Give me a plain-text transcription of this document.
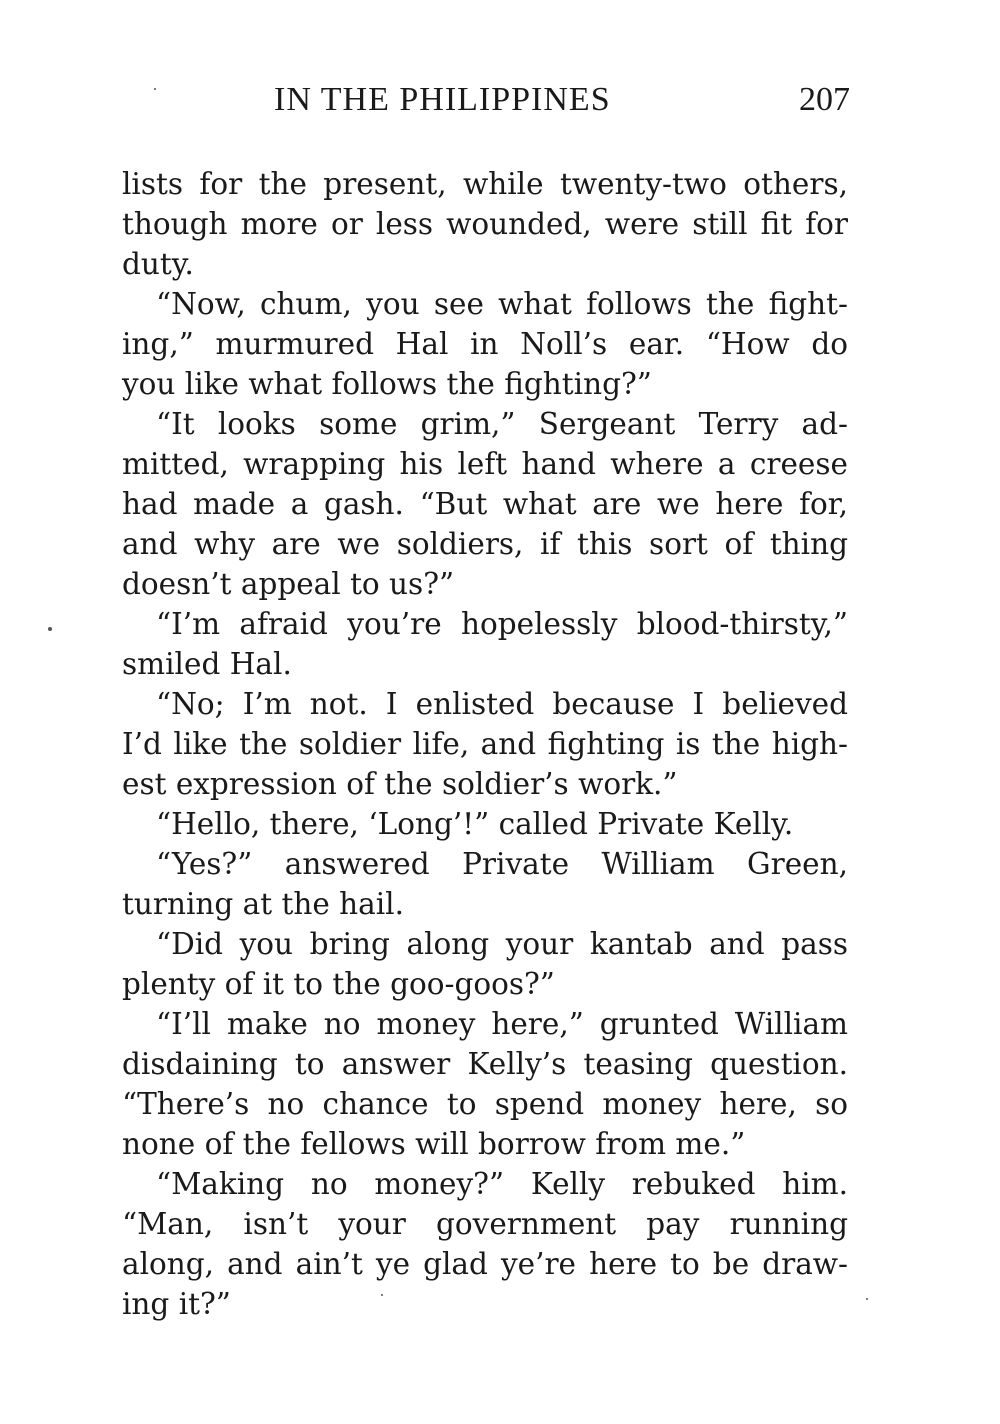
IN THE PHILIPPINES	207
lists for the present, while twenty-two others,
though more or less wounded, were still fit for
duty.
“Now, chum, you see what follows the fight-
ing,” murmured Hal in Noll’s ear. “How do
you like what follows the fighting?”
“It looks some grim,” Sergeant Terry ad-
mitted, wrapping his left hand where a creese
had made a gash. “But what are we here for,
and why are we soldiers, if this sort of thing
doesn’t appeal to us?”
“I’m afraid you’re hopelessly blood-thirsty,”
smiled Hal.
“No; I’m not. I enlisted because I believed
I’d like the soldier life, and fighting is the high-
est expression of the soldier’s work.”
“Hello, there, ‘Long’!” called Private Kelly.
“Yes?” answered Private William Green,
turning at the hail.
“Did you bring along your kantab and pass
plenty of it to the goo-goos?”
“I’ll make no money here,” grunted William
disdaining to answer Kelly’s teasing question.
“There’s no chance to spend money here, so
none of the fellows will borrow from me.”
“Making no money?” Kelly rebuked him.
“Man, isn’t your government pay running
along, and ain’t ye glad ye’re here to be draw-
ing it?”
